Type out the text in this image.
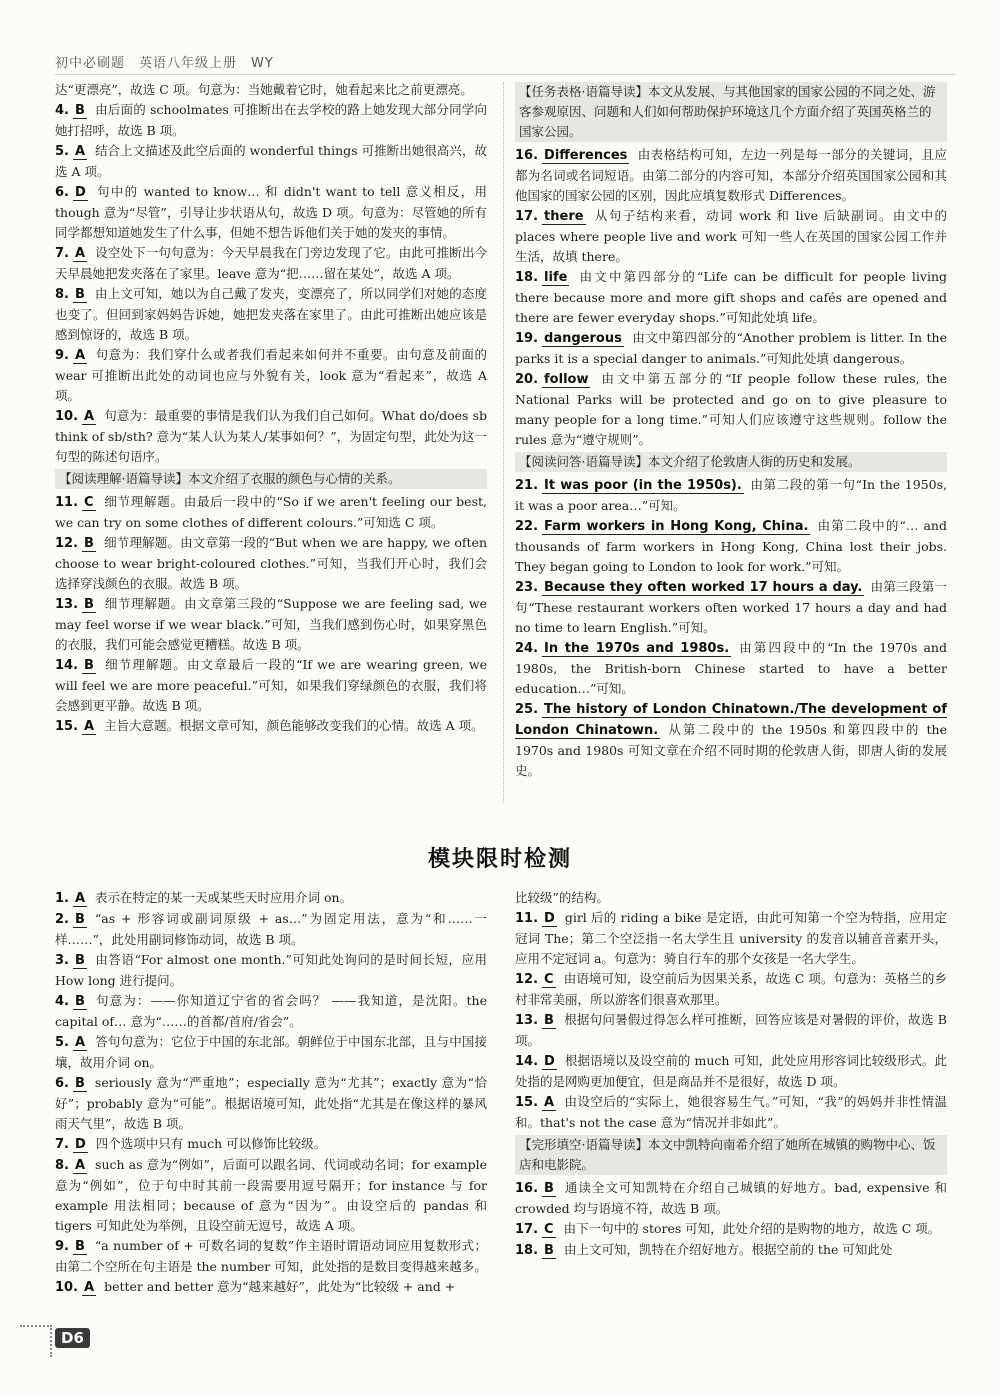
初中必刷题　英语八年级上册　WY
达“更漂亮”，故选 C 项。句意为：当她戴着它时，她看起来比之前更漂亮。
4. B 由后面的 schoolmates 可推断出在去学校的路上她发现大部分同学向她打招呼，故选 B 项。
5. A 结合上文描述及此空后面的 wonderful things 可推断出她很高兴，故选 A 项。
6. D 句中的 wanted to know… 和 didn't want to tell 意义相反，用 though 意为“尽管”，引导让步状语从句，故选 D 项。句意为：尽管她的所有同学都想知道她发生了什么事，但她不想告诉他们关于她的发夹的事情。
7. A 设空处下一句句意为：今天早晨我在门旁边发现了它。由此可推断出今天早晨她把发夹落在了家里。leave 意为“把……留在某处”，故选 A 项。
8. B 由上文可知，她以为自己戴了发夹，变漂亮了，所以同学们对她的态度也变了。但回到家妈妈告诉她，她把发夹落在家里了。由此可推断出她应该是感到惊讶的，故选 B 项。
9. A 句意为：我们穿什么或者我们看起来如何并不重要。由句意及前面的 wear 可推断出此处的动词也应与外貌有关，look 意为“看起来”，故选 A 项。
10. A 句意为：最重要的事情是我们认为我们自己如何。What do/does sb think of sb/sth? 意为“某人认为某人/某事如何？”，为固定句型，此处为这一句型的陈述句语序。
【阅读理解·语篇导读】本文介绍了衣服的颜色与心情的关系。
11. C 细节理解题。由最后一段中的“So if we aren't feeling our best, we can try on some clothes of different colours.”可知选 C 项。
12. B 细节理解题。由文章第一段的“But when we are happy, we often choose to wear bright-coloured clothes.”可知，当我们开心时，我们会选择穿浅颜色的衣服。故选 B 项。
13. B 细节理解题。由文章第三段的“Suppose we are feeling sad, we may feel worse if we wear black.”可知，当我们感到伤心时，如果穿黑色的衣服，我们可能会感觉更糟糕。故选 B 项。
14. B 细节理解题。由文章最后一段的“If we are wearing green, we will feel we are more peaceful.”可知，如果我们穿绿颜色的衣服，我们将会感到更平静。故选 B 项。
15. A 主旨大意题。根据文章可知，颜色能够改变我们的心情。故选 A 项。
【任务表格·语篇导读】本文从发展、与其他国家的国家公园的不同之处、游客参观原因、问题和人们如何帮助保护环境这几个方面介绍了英国英格兰的国家公园。
16. Differences 由表格结构可知，左边一列是每一部分的关键词，且应都为名词或名词短语。由第二部分的内容可知，本部分介绍英国国家公园和其他国家的国家公园的区别，因此应填复数形式 Differences。
17. there 从句子结构来看，动词 work 和 live 后缺副词。由文中的 places where people live and work 可知一些人在英国的国家公园工作并生活，故填 there。
18. life 由文中第四部分的“Life can be difficult for people living there because more and more gift shops and cafés are opened and there are fewer everyday shops.”可知此处填 life。
19. dangerous 由文中第四部分的“Another problem is litter. In the parks it is a special danger to animals.”可知此处填 dangerous。
20. follow 由文中第五部分的“If people follow these rules, the National Parks will be protected and go on to give pleasure to many people for a long time.”可知人们应该遵守这些规则。follow the rules 意为“遵守规则”。
【阅读问答·语篇导读】本文介绍了伦敦唐人街的历史和发展。
21. It was poor (in the 1950s). 由第二段的第一句“In the 1950s, it was a poor area…”可知。
22. Farm workers in Hong Kong, China. 由第二段中的“… and thousands of farm workers in Hong Kong, China lost their jobs. They began going to London to look for work.”可知。
23. Because they often worked 17 hours a day. 由第三段第一句“These restaurant workers often worked 17 hours a day and had no time to learn English.”可知。
24. In the 1970s and 1980s. 由第四段中的“In the 1970s and 1980s, the British-born Chinese started to have a better education…”可知。
25. The history of London Chinatown./The development of London Chinatown. 从第二段中的 the 1950s 和第四段中的 the 1970s and 1980s 可知文章在介绍不同时期的伦敦唐人街，即唐人街的发展史。
模块限时检测
1. A 表示在特定的某一天或某些天时应用介词 on。
2. B “as + 形容词或副词原级 + as…”为固定用法，意为“和……一样……”，此处用副词修饰动词，故选 B 项。
3. B 由答语“For almost one month.”可知此处询问的是时间长短，应用 How long 进行提问。
4. B 句意为：——你知道辽宁省的省会吗？ ——我知道，是沈阳。the capital of… 意为“……的首都/首府/省会”。
5. A 答句句意为：它位于中国的东北部。朝鲜位于中国东北部，且与中国接壤，故用介词 on。
6. B seriously 意为“严重地”；especially 意为“尤其”；exactly 意为“恰好”；probably 意为“可能”。根据语境可知，此处指“尤其是在像这样的暴风雨天气里”，故选 B 项。
7. D 四个选项中只有 much 可以修饰比较级。
8. A such as 意为“例如”，后面可以跟名词、代词或动名词；for example 意为“例如”，位于句中时其前一段需要用逗号隔开；for instance 与 for example 用法相同；because of 意为“因为”。由设空后的 pandas 和 tigers 可知此处为举例，且设空前无逗号，故选 A 项。
9. B “a number of + 可数名词的复数”作主语时谓语动词应用复数形式；由第二个空所在句主语是 the number 可知，此处指的是数目变得越来越多。
10. A better and better 意为“越来越好”，此处为“比较级 + and +
比较级”的结构。
11. D girl 后的 riding a bike 是定语，由此可知第一个空为特指，应用定冠词 The；第二个空泛指一名大学生且 university 的发音以辅音音素开头，应用不定冠词 a。句意为：骑自行车的那个女孩是一名大学生。
12. C 由语境可知，设空前后为因果关系，故选 C 项。句意为：英格兰的乡村非常美丽，所以游客们很喜欢那里。
13. B 根据句问暑假过得怎么样可推断，回答应该是对暑假的评价，故选 B 项。
14. D 根据语境以及设空前的 much 可知，此处应用形容词比较级形式。此处指的是网购更加便宜，但是商品并不是很好，故选 D 项。
15. A 由设空后的“实际上，她很容易生气。”可知，“我”的妈妈并非性情温和。that's not the case 意为“情况并非如此”。
【完形填空·语篇导读】本文中凯特向南希介绍了她所在城镇的购物中心、饭店和电影院。
16. B 通读全文可知凯特在介绍自己城镇的好地方。bad, expensive 和 crowded 均与语境不符，故选 B 项。
17. C 由下一句中的 stores 可知，此处介绍的是购物的地方，故选 C 项。
18. B 由上文可知，凯特在介绍好地方。根据空前的 the 可知此处
D6
